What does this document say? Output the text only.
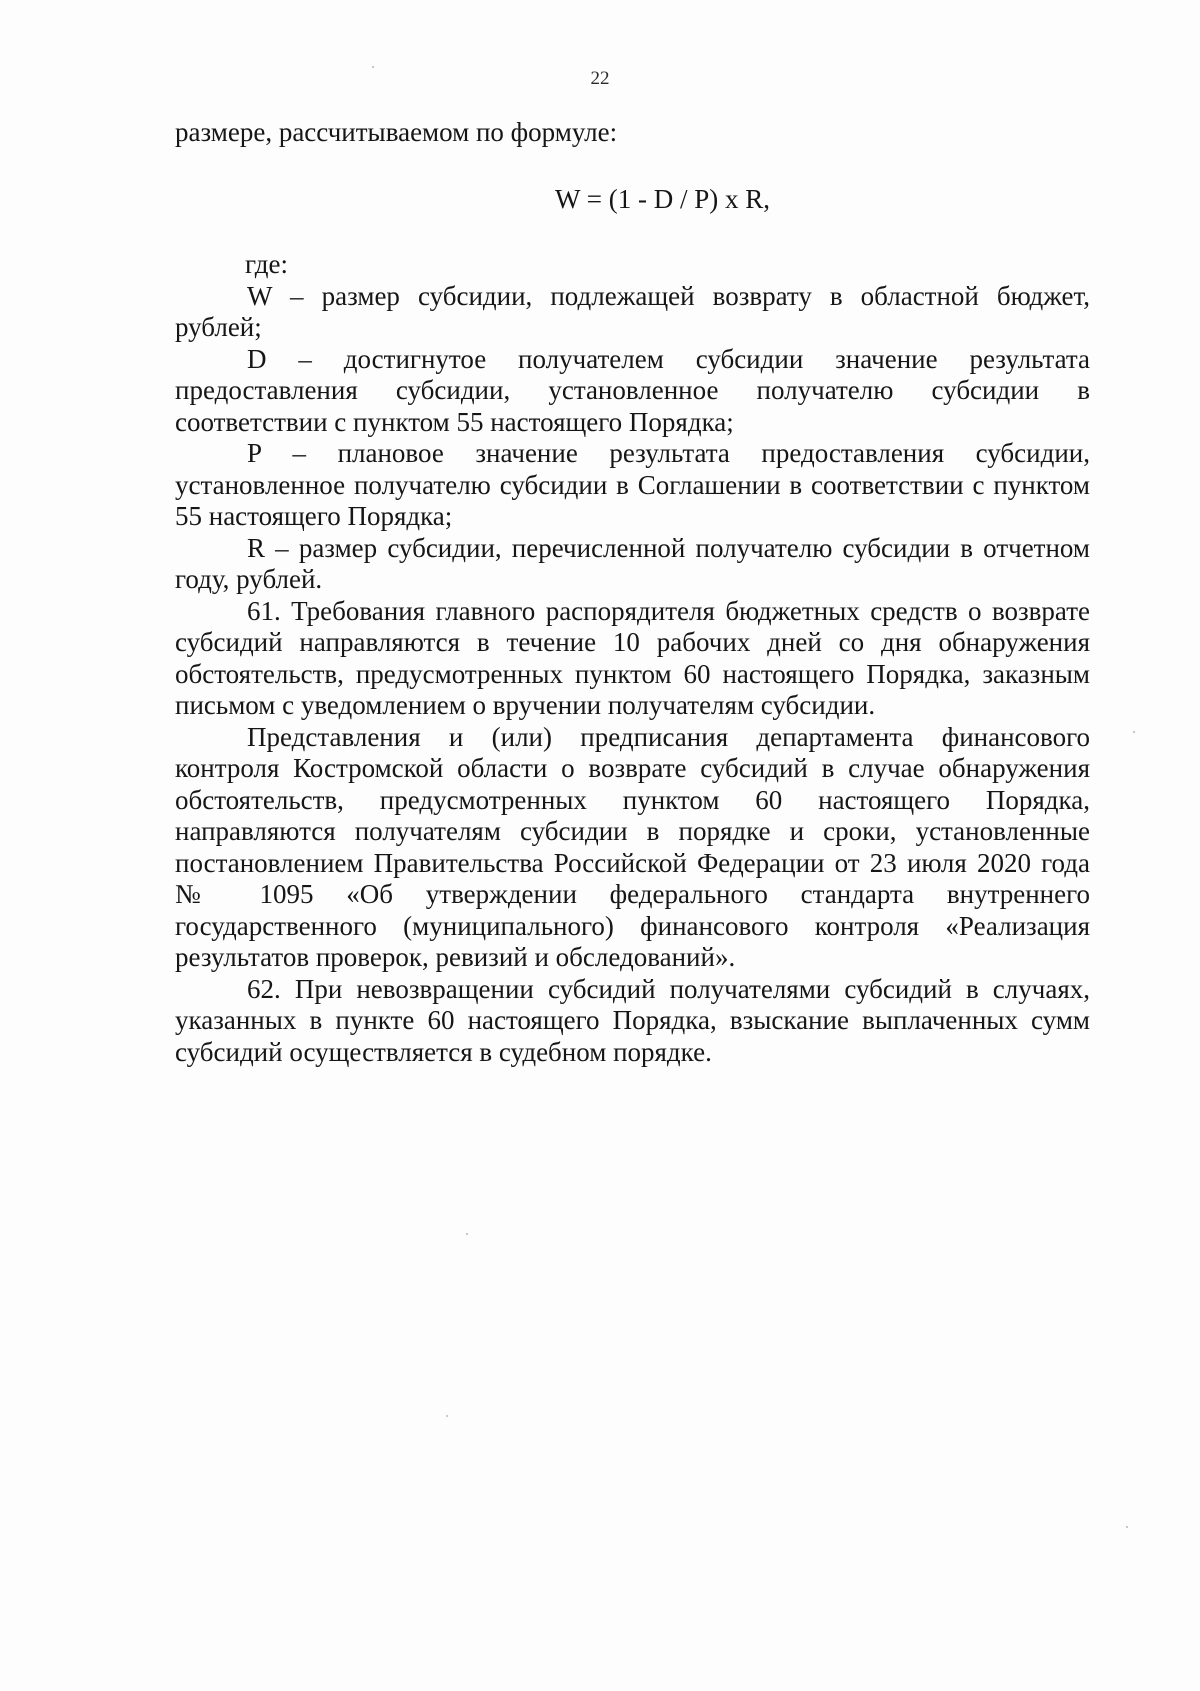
22
размере, рассчитываемом по формуле:
W = (1 - D / P) x R,

где:

W – размер субсидии, подлежащей возврату в областной бюджет, рублей;

D – достигнутое получателем субсидии значение результата предоставления субсидии, установленное получателю субсидии в соответствии с пунктом 55 настоящего Порядка;

P – плановое значение результата предоставления субсидии, установленное получателю субсидии в Соглашении в соответствии с пунктом 55 настоящего Порядка;

R – размер субсидии, перечисленной получателю субсидии в отчетном году, рублей.

61. Требования главного распорядителя бюджетных средств о возврате субсидий направляются в течение 10 рабочих дней со дня обнаружения обстоятельств, предусмотренных пунктом 60 настоящего Порядка, заказным письмом с уведомлением о вручении получателям субсидии.

Представления и (или) предписания департамента финансового контроля Костромской области о возврате субсидий в случае обнаружения обстоятельств, предусмотренных пунктом 60 настоящего Порядка, направляются получателям субсидии в порядке и сроки, установленные постановлением Правительства Российской Федерации от 23 июля 2020 года № 1095 «Об утверждении федерального стандарта внутреннего государственного (муниципального) финансового контроля «Реализация результатов проверок, ревизий и обследований».

62. При невозвращении субсидий получателями субсидий в случаях, указанных в пункте 60 настоящего Порядка, взыскание выплаченных сумм субсидий осуществляется в судебном порядке.
